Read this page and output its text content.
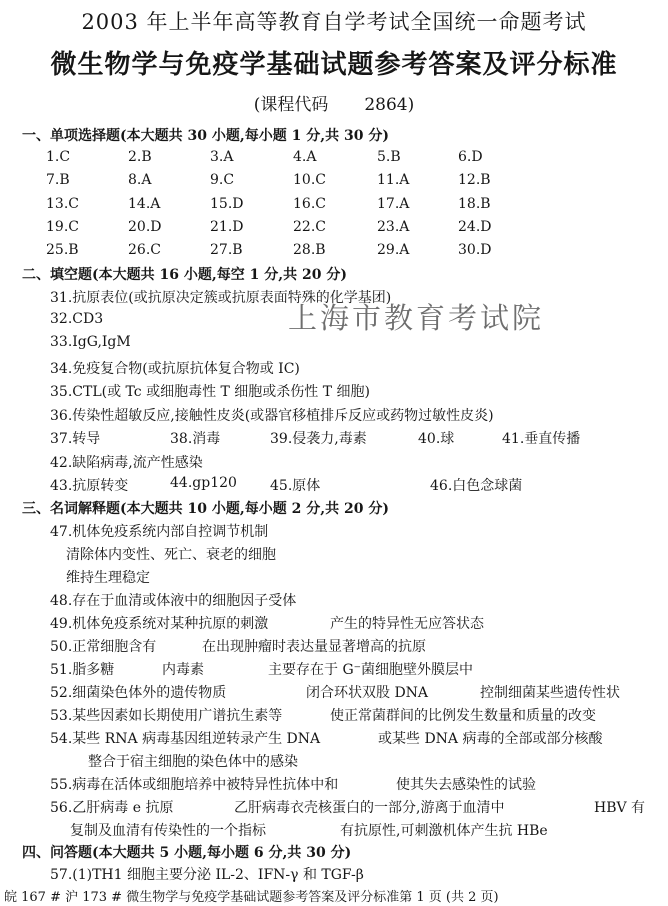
2003 年上半年高等教育自学考试全国统一命题考试
微生物学与免疫学基础试题参考答案及评分标准
(课程代码 2864)
一、单项选择题(本大题共 30 小题,每小题 1 分,共 30 分)
1.C	2.B	3.A	4.A	5.B	6.D
7.B	8.A	9.C	10.C	11.A	12.B
13.C	14.A	15.D	16.C	17.A	18.B
19.C	20.D	21.D	22.C	23.A	24.D
25.B	26.C	27.B	28.B	29.A	30.D
二、填空题(本大题共 16 小题,每空 1 分,共 20 分)
31.抗原表位(或抗原决定簇或抗原表面特殊的化学基团)
32.CD3
33.IgG,IgM
34.免疫复合物(或抗原抗体复合物或 IC)
35.CTL(或 Tc 或细胞毒性 T 细胞或杀伤性 T 细胞)
36.传染性超敏反应,接触性皮炎(或器官移植排斥反应或药物过敏性皮炎)
37.转导	38.消毒	39.侵袭力,毒素	40.球	41.垂直传播
42.缺陷病毒,流产性感染
43.抗原转变	44.gp120 45.原体	46.白色念球菌
上海市教育考试院
三、名词解释题(本大题共 10 小题,每小题 2 分,共 20 分)
47.机体免疫系统内部自控调节机制
清除体内变性、死亡、衰老的细胞
维持生理稳定
48.存在于血清或体液中的细胞因子受体
49.机体免疫系统对某种抗原的刺激	产生的特异性无应答状态
50.正常细胞含有	在出现肿瘤时表达量显著增高的抗原
51.脂多糖	内毒素	主要存在于 G⁻菌细胞壁外膜层中
52.细菌染色体外的遗传物质	闭合环状双股 DNA	控制细菌某些遗传性状
53.某些因素如长期使用广谱抗生素等	使正常菌群间的比例发生数量和质量的改变
54.某些 RNA 病毒基因组逆转录产生 DNA	或某些 DNA 病毒的全部或部分核酸
整合于宿主细胞的染色体中的感染
55.病毒在活体或细胞培养中被特异性抗体中和	使其失去感染性的试验
56.乙肝病毒 e 抗原	乙肝病毒衣壳核蛋白的一部分,游离于血清中	HBV 有
复制及血清有传染性的一个指标	有抗原性,可刺激机体产生抗 HBe
四、问答题(本大题共 5 小题,每小题 6 分,共 30 分)
57.(1)TH1 细胞主要分泌 IL-2、IFN-γ 和 TGF-β
皖 167 # 沪 173 # 微生物学与免疫学基础试题参考答案及评分标准第 1 页 (共 2 页)
